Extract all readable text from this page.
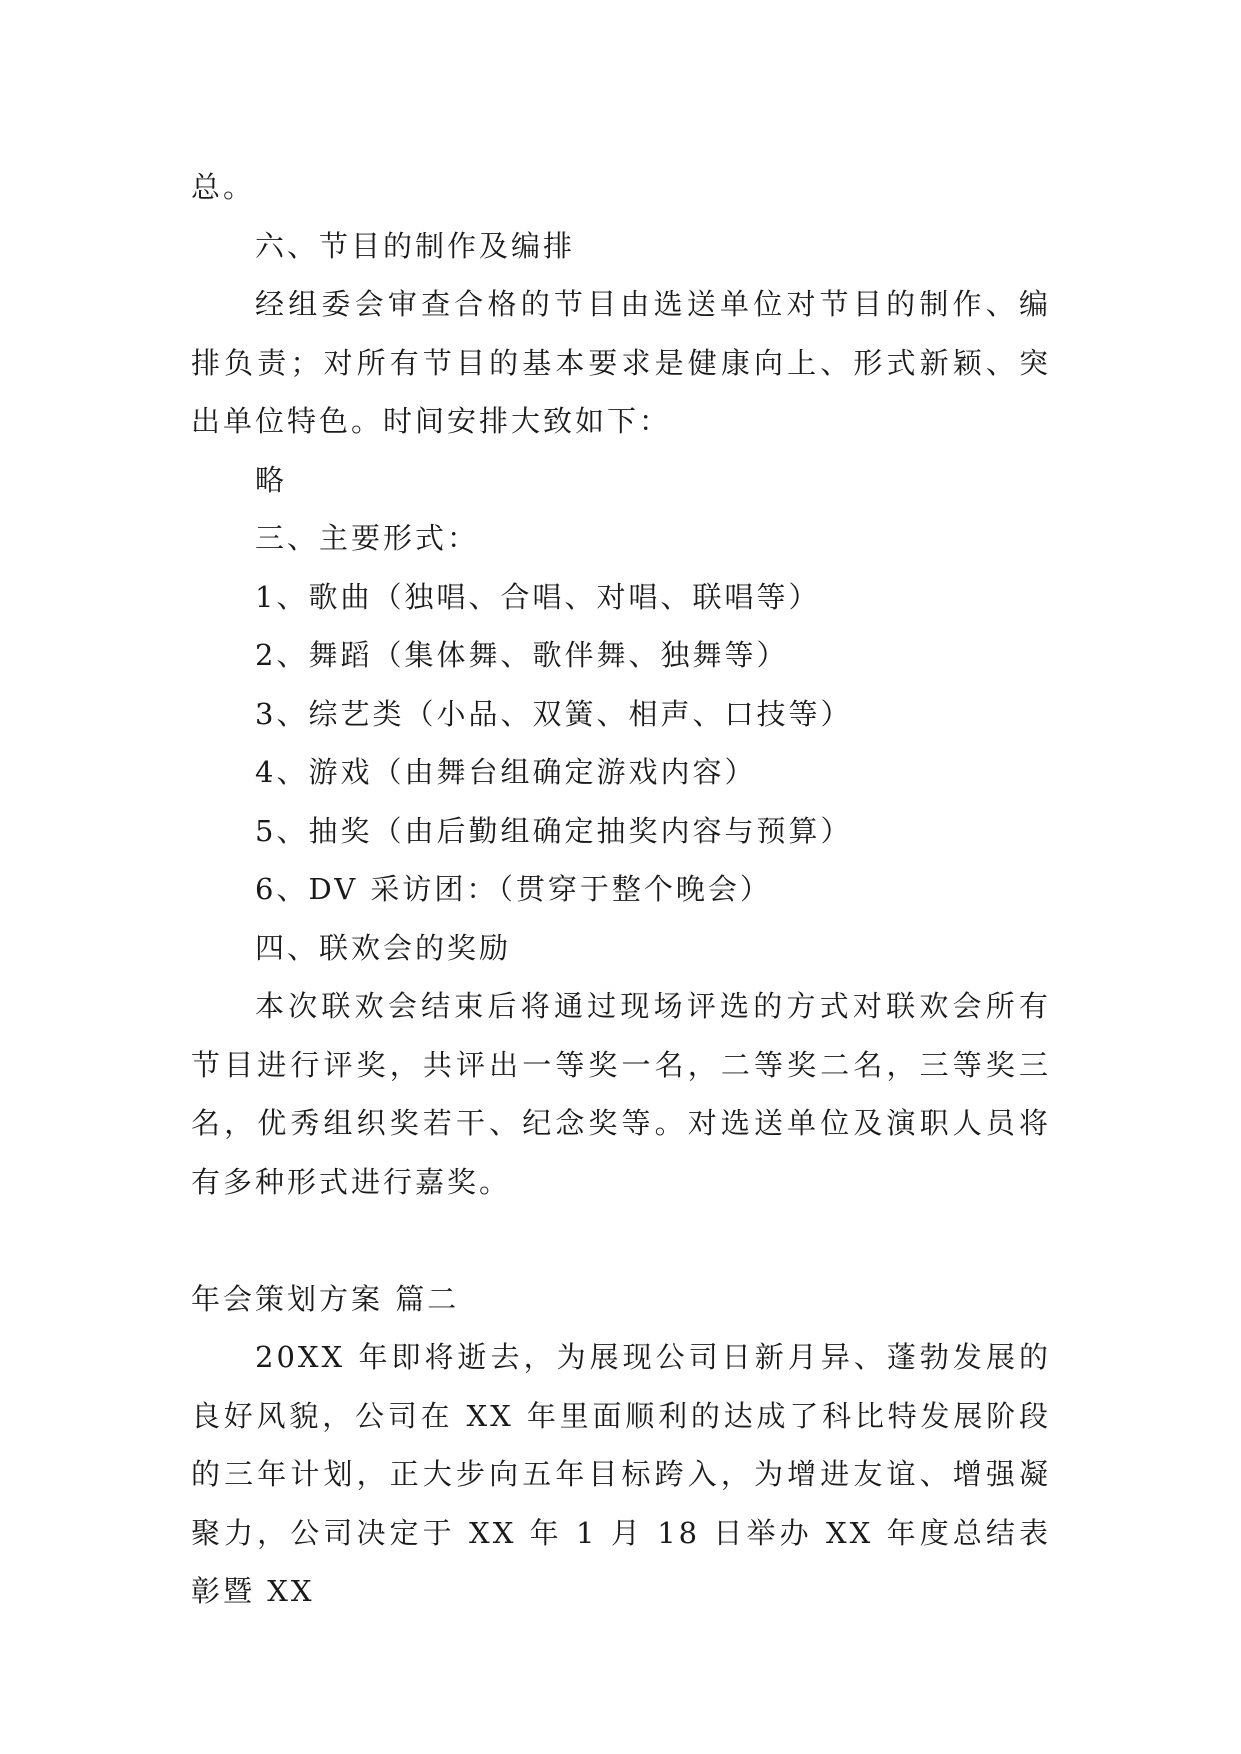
总。

六、节目的制作及编排

经组委会审查合格的节目由选送单位对节目的制作、编排负责；对所有节目的基本要求是健康向上、形式新颖、突出单位特色。时间安排大致如下：

略

三、主要形式：

1、歌曲（独唱、合唱、对唱、联唱等）

2、舞蹈（集体舞、歌伴舞、独舞等）

3、综艺类（小品、双簧、相声、口技等）

4、游戏（由舞台组确定游戏内容）

5、抽奖（由后勤组确定抽奖内容与预算）

6、DV 采访团：（贯穿于整个晚会）

四、联欢会的奖励

本次联欢会结束后将通过现场评选的方式对联欢会所有节目进行评奖，共评出一等奖一名，二等奖二名，三等奖三名，优秀组织奖若干、纪念奖等。对选送单位及演职人员将有多种形式进行嘉奖。

年会策划方案 篇二

20XX 年即将逝去，为展现公司日新月异、蓬勃发展的良好风貌，公司在 XX 年里面顺利的达成了科比特发展阶段的三年计划，正大步向五年目标跨入，为增进友谊、增强凝聚力，公司决定于 XX 年 1 月 18 日举办 XX 年度总结表彰暨 XX
